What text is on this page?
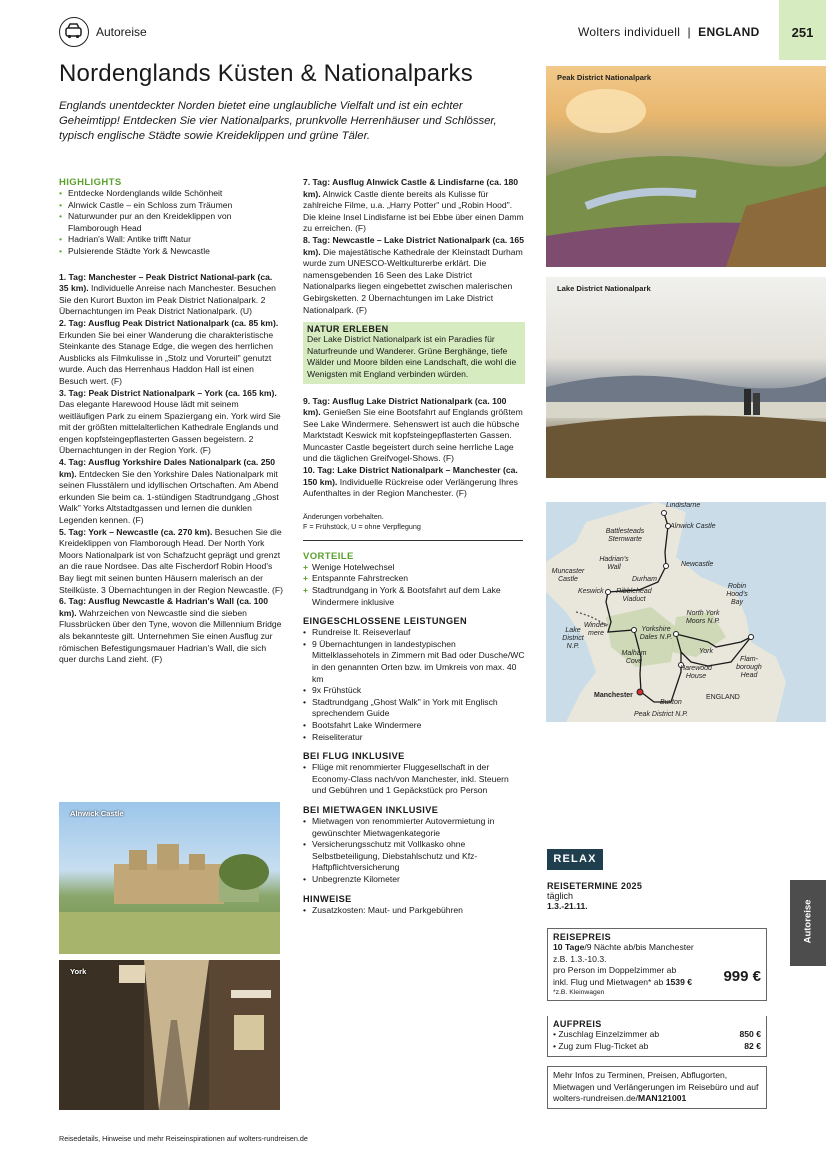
Autoreise	Wolters individuell  |  ENGLAND	251
Nordenglands Küsten & Nationalparks

Englands unentdeckter Norden bietet eine unglaubliche Vielfalt und ist ein echter Geheimtipp! Entdecken Sie vier Nationalparks, prunkvolle Herrenhäuser und Schlösser, typisch englische Städte sowie Kreideklippen und grüne Täler.

HIGHLIGHTS
• Entdecke Nordenglands wilde Schönheit
• Alnwick Castle – ein Schloss zum Träumen
• Naturwunder pur an den Kreideklippen von Flamborough Head
• Hadrian's Wall: Antike trifft Natur
• Pulsierende Städte York & Newcastle

1. Tag: Manchester – Peak District National-park (ca. 35 km). Individuelle Anreise nach Manchester. Besuchen Sie den Kurort Buxton im Peak District Nationalpark. 2 Übernachtungen im Peak District Nationalpark. (U)

2. Tag: Ausflug Peak District Nationalpark (ca. 85 km). Erkunden Sie bei einer Wanderung die charakteristische Steinkante des Stanage Edge, die wegen des herrlichen Ausblicks als Filmkulisse in „Stolz und Vorurteil" genutzt wurde. Auch das Herrenhaus Haddon Hall ist einen Besuch wert. (F)

3. Tag: Peak District Nationalpark – York (ca. 165 km). Das elegante Harewood House lädt mit seinem weitläufigen Park zu einem Spaziergang ein. York wird Sie mit der größten mittelalterlichen Kathedrale Englands und engen kopfsteingepflasterten Gassen begeistern. 2 Übernachtungen in der Region York. (F)

4. Tag: Ausflug Yorkshire Dales Nationalpark (ca. 250 km). Entdecken Sie den Yorkshire Dales Nationalpark mit seinen Flusstälern und idyllischen Ortschaften. Am Abend erkunden Sie beim ca. 1-stündigen Stadtrundgang „Ghost Walk" Yorks Altstadtgassen und lernen die dunklen Legenden kennen. (F)

5. Tag: York – Newcastle (ca. 270 km). Besuchen Sie die Kreideklippen von Flamborough Head. Der North York Moors Nationalpark ist von Schafzucht geprägt und grenzt an die raue Nordsee. Das alte Fischerdorf Robin Hood's Bay liegt mit seinen bunten Häusern malerisch an der Steilküste. 3 Übernachtungen in der Region Newcastle. (F)

6. Tag: Ausflug Newcastle & Hadrian's Wall (ca. 100 km). Wahrzeichen von Newcastle sind die sieben Flussbrücken über den Tyne, wovon die Millennium Bridge als bekannteste gilt. Unternehmen Sie einen Ausflug zur römischen Befestigungsmauer Hadrian's Wall, die sich quer durchs Land zieht. (F)

Alnwick Castle
York

7. Tag: Ausflug Alnwick Castle & Lindisfarne (ca. 180 km). Alnwick Castle diente bereits als Kulisse für zahlreiche Filme, u.a. „Harry Potter" und „Robin Hood". Die kleine Insel Lindisfarne ist bei Ebbe über einen Damm zu erreichen. (F)

8. Tag: Newcastle – Lake District Nationalpark (ca. 165 km). Die majestätische Kathedrale der Kleinstadt Durham wurde zum UNESCO-Weltkulturerbe erklärt. Die namensgebenden 16 Seen des Lake District Nationalparks liegen eingebettet zwischen malerischen Gebirgsketten. 2 Übernachtungen im Lake District Nationalpark. (F)

NATUR ERLEBEN

Der Lake District Nationalpark ist ein Paradies für Naturfreunde und Wanderer. Grüne Berghänge, tiefe Wälder und Moore bilden eine Landschaft, die wohl die Wenigsten mit England verbinden würden.

9. Tag: Ausflug Lake District Nationalpark (ca. 100 km). Genießen Sie eine Bootsfahrt auf Englands größtem See Lake Windermere. Sehenswert ist auch die hübsche Marktstadt Keswick mit kopfsteingepflasterten Gassen. Muncaster Castle begeistert durch seine herrliche Lage und die täglichen Greifvogel-Shows. (F)

10. Tag: Lake District Nationalpark – Manchester (ca. 150 km). Individuelle Rückreise oder Verlängerung Ihres Aufenthaltes in der Region Manchester. (F)

Änderungen vorbehalten.
F = Frühstück, U = ohne Verpflegung
VORTEILE
+ Wenige Hotelwechsel
+ Entspannte Fahrstrecken
+ Stadtrundgang in York & Bootsfahrt auf dem Lake Windermere inklusive
EINGESCHLOSSENE LEISTUNGEN
• Rundreise lt. Reiseverlauf
• 9 Übernachtungen in landestypischen Mittelklassehotels in Zimmern mit Bad oder Dusche/WC in den genannten Orten bzw. im Umkreis von max. 40 km
• 9x Frühstück
• Stadtrundgang „Ghost Walk" in York mit Englisch sprechendem Guide
• Bootsfahrt Lake Windermere
• Reiseliteratur
BEI FLUG INKLUSIVE
• Flüge mit renommierter Fluggesellschaft in der Economy-Class nach/von Manchester, inkl. Steuern und Gebühren und 1 Gepäckstück pro Person
BEI MIETWAGEN INKLUSIVE
• Mietwagen von renommierter Autovermietung in gewünschter Mietwagenkategorie
• Versicherungsschutz mit Vollkasko ohne Selbstbeteiligung, Diebstahlschutz und Kfz-Haftpflichtversicherung
• Unbegrenzte Kilometer
HINWEISE
• Zusatzkosten: Maut- und Parkgebühren
Peak District Nationalpark
Lake District Nationalpark
Lindisfarne
Alnwick Castle
Battlesteads Sternwarte
Hadrian's Wall	Newcastle
Muncaster Castle	Durham
Robin Hood's Bay
Keswick	Ribblehead Viaduct
North York Moors N.P.
Winder-mere
Lake District N.P.
Yorkshire Dales N.P.
Malham Cove
York
Flam-borough Head
Harewood House
Manchester	ENGLAND
Buxton
Peak District N.P.
RELAX
REISETERMINE 2025
täglich
1.3.-21.11.
REISEPREIS

10 Tage/9 Nächte ab/bis Manchester

z.B. 1.3.-10.3.

pro Person im Doppelzimmer ab

inkl. Flug und Mietwagen* ab 1539 €	999 €
*z.B. Kleinwagen
AUFPREIS

• Zuschlag Einzelzimmer ab	850 €

• Zug zum Flug-Ticket ab	82 €

Mehr Infos zu Terminen, Preisen, Abflugorten, Mietwagen und Verlängerungen im Reisebüro und auf wolters-rundreisen.de/MAN121001

Autoreise
Reisedetails, Hinweise und mehr Reiseinspirationen auf wolters-rundreisen.de
